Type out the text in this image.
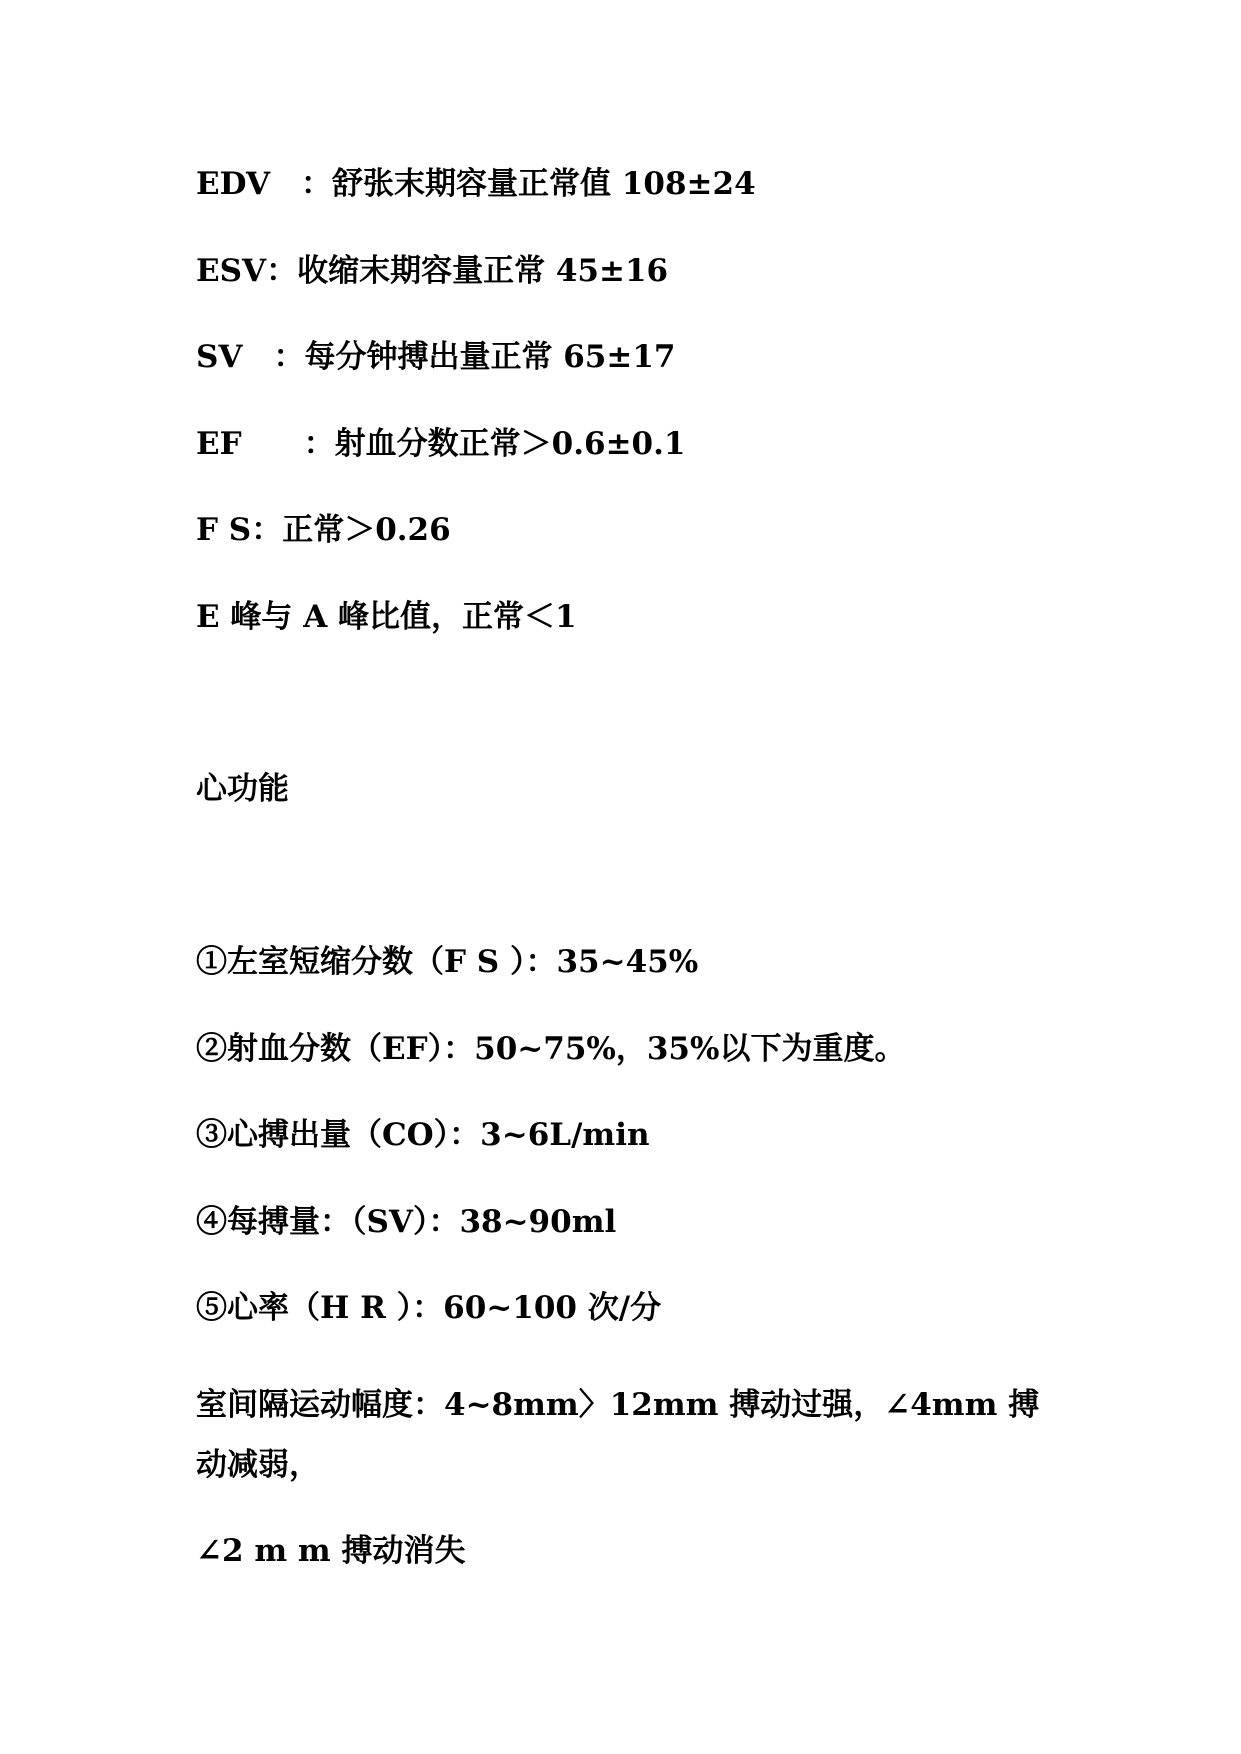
EDV　：舒张末期容量正常值 108±24
ESV：收缩末期容量正常 45±16
SV　：每分钟搏出量正常 65±17
EF　　：射血分数正常＞0.6±0.1
F S：正常＞0.26
E 峰与 A 峰比值，正常＜1
心功能
①左室短缩分数（F S ）：35~45%
②射血分数（EF）：50~75%，35%以下为重度。
③心搏出量（CO）：3~6L/min
④每搏量：（SV）：38~90ml
⑤心率（H R ）：60~100 次/分
室间隔运动幅度：4~8mm〉12mm 搏动过强，∠4mm 搏动减弱，
∠2 m m 搏动消失
